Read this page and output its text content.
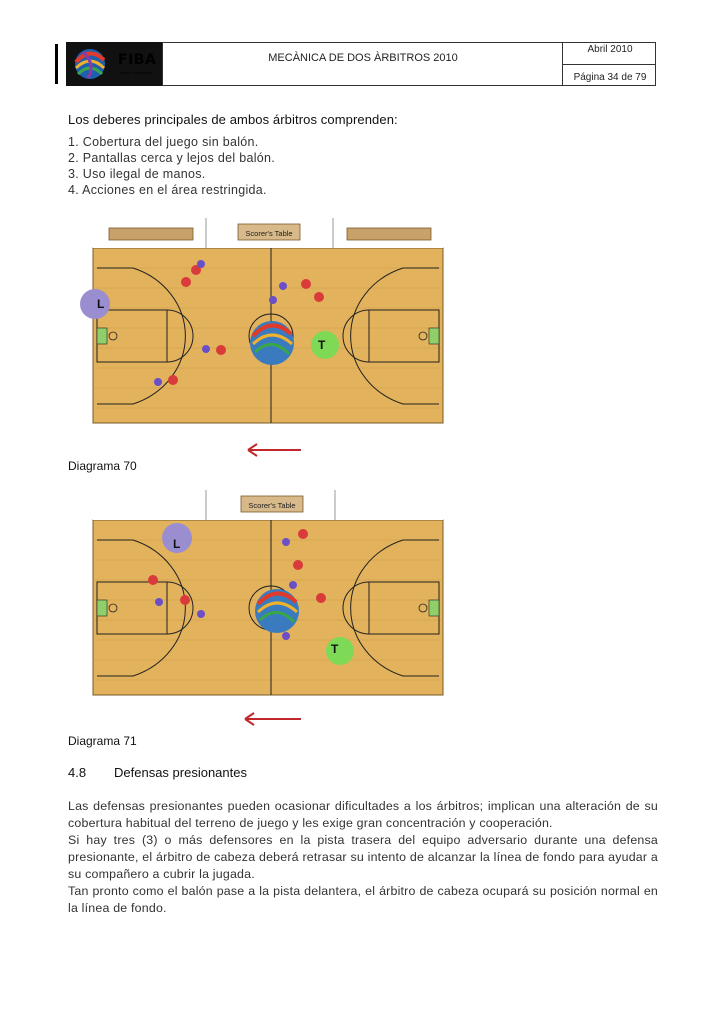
FIBA
Mundo Basketball
MECÀNICA DE DOS ÀRBITROS 2010
Abril 2010
Página 34 de 79
Los deberes principales de ambos árbitros comprenden:
1. Cobertura del juego sin balón.
2. Pantallas cerca y lejos del balón.
3. Uso ilegal de manos.
4. Acciones en el área restringida.
Scorer's Table
L
T
Diagrama 70
Scorer's Table
L
T
Diagrama 71
4.8 Defensas presionantes

Las defensas presionantes pueden ocasionar dificultades a los árbitros; implican una alteración de su cobertura habitual del terreno de juego y les exige gran concentración y cooperación.

Si hay tres (3) o más defensores en la pista trasera del equipo adversario durante una defensa presionante, el árbitro de cabeza deberá retrasar su intento de alcanzar la línea de fondo para ayudar a su compañero a cubrir la jugada.

Tan pronto como el balón pase a la pista delantera, el árbitro de cabeza ocupará su posición normal en la línea de fondo.
